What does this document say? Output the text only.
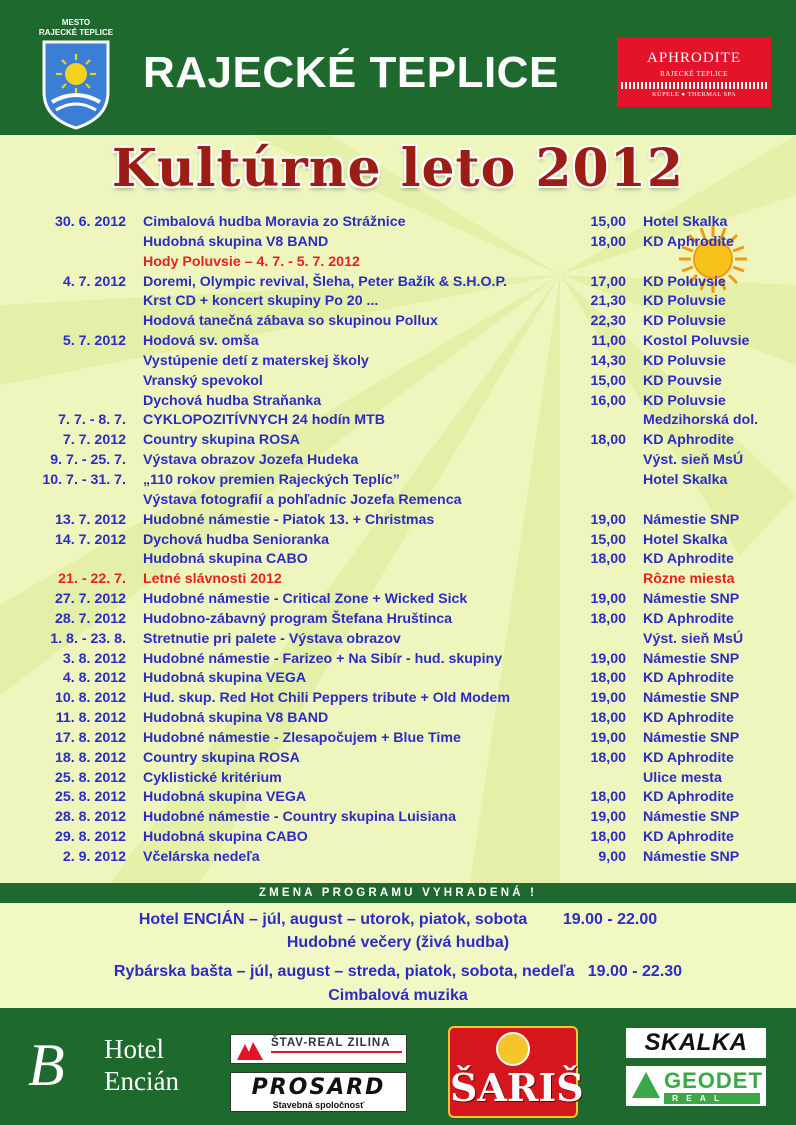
MESTO
RAJECKÉ TEPLICE
RAJECKÉ TEPLICE	APHRODITE
RAJECKÉ TEPLICE
KÚPELE ● THERMAL SPA
Kultúrne leto 2012
30. 6. 2012 Cimbalová hudba Moravia zo Strážnice	15,00 Hotel Skalka
Hudobná skupina V8 BAND	18,00 KD Aphrodite
Hody Poluvsie – 4. 7. - 5. 7. 2012
4. 7. 2012 Doremi, Olympic revival, Šleha, Peter Bažík & S.H.O.P.	17,00 KD Poluvsie
Krst CD + koncert skupiny Po 20 ...	21,30 KD Poluvsie
Hodová tanečná zábava so skupinou Pollux	22,30 KD Poluvsie
5. 7. 2012 Hodová sv. omša	11,00 Kostol Poluvsie
Vystúpenie detí z materskej školy	14,30 KD Poluvsie
Vranský spevokol	15,00 KD Pouvsie
Dychová hudba Straňanka	16,00 KD Poluvsie
7. 7. - 8. 7. CYKLOPOZITÍVNYCH 24 hodín MTB	Medzihorská dol.
7. 7. 2012 Country skupina ROSA	18,00 KD Aphrodite
9. 7. - 25. 7. Výstava obrazov Jozefa Hudeka	Výst. sieň MsÚ
10. 7. - 31. 7. „110 rokov premien Rajeckých Teplíc”	Hotel Skalka
Výstava fotografií a pohľadníc Jozefa Remenca
13. 7. 2012 Hudobné námestie - Piatok 13. + Christmas	19,00 Námestie SNP
14. 7. 2012 Dychová hudba Senioranka	15,00 Hotel Skalka
Hudobná skupina CABO	18,00 KD Aphrodite
21. - 22. 7. Letné slávnosti 2012	Rôzne miesta
27. 7. 2012 Hudobné námestie - Critical Zone + Wicked Sick	19,00 Námestie SNP
28. 7. 2012 Hudobno-zábavný program Štefana Hruštinca	18,00 KD Aphrodite
1. 8. - 23. 8. Stretnutie pri palete - Výstava obrazov	Výst. sieň MsÚ
3. 8. 2012 Hudobné námestie - Farizeo + Na Sibír - hud. skupiny	19,00 Námestie SNP
4. 8. 2012 Hudobná skupina VEGA	18,00 KD Aphrodite
10. 8. 2012 Hud. skup. Red Hot Chili Peppers tribute + Old Modem	19,00 Námestie SNP
11. 8. 2012 Hudobná skupina V8 BAND	18,00 KD Aphrodite
17. 8. 2012 Hudobné námestie - Zlesapočujem + Blue Time	19,00 Námestie SNP
18. 8. 2012 Country skupina ROSA	18,00 KD Aphrodite
25. 8. 2012 Cyklistické kritérium	Ulice mesta
25. 8. 2012 Hudobná skupina VEGA	18,00 KD Aphrodite
28. 8. 2012 Hudobné námestie - Country skupina Luisiana	19,00 Námestie SNP
29. 8. 2012 Hudobná skupina CABO	18,00 KD Aphrodite
2. 9. 2012 Včelárska nedeľa	9,00 Námestie SNP
ZMENA PROGRAMU VYHRADENÁ !
Hotel ENCIÁN – júl, august – utorok, piatok, sobota        19.00 - 22.00
Hudobné večery (živá hudba)
Rybárska bašta – júl, august – streda, piatok, sobota, nedeľa   19.00 - 22.30
Cimbalová muzika
B Hotel
Encián
ŠTAV-REAL ZILINA
PROSARD
Stavebná spoločnosť	ŠARIŠ
SKALKA
GEODET
REAL
